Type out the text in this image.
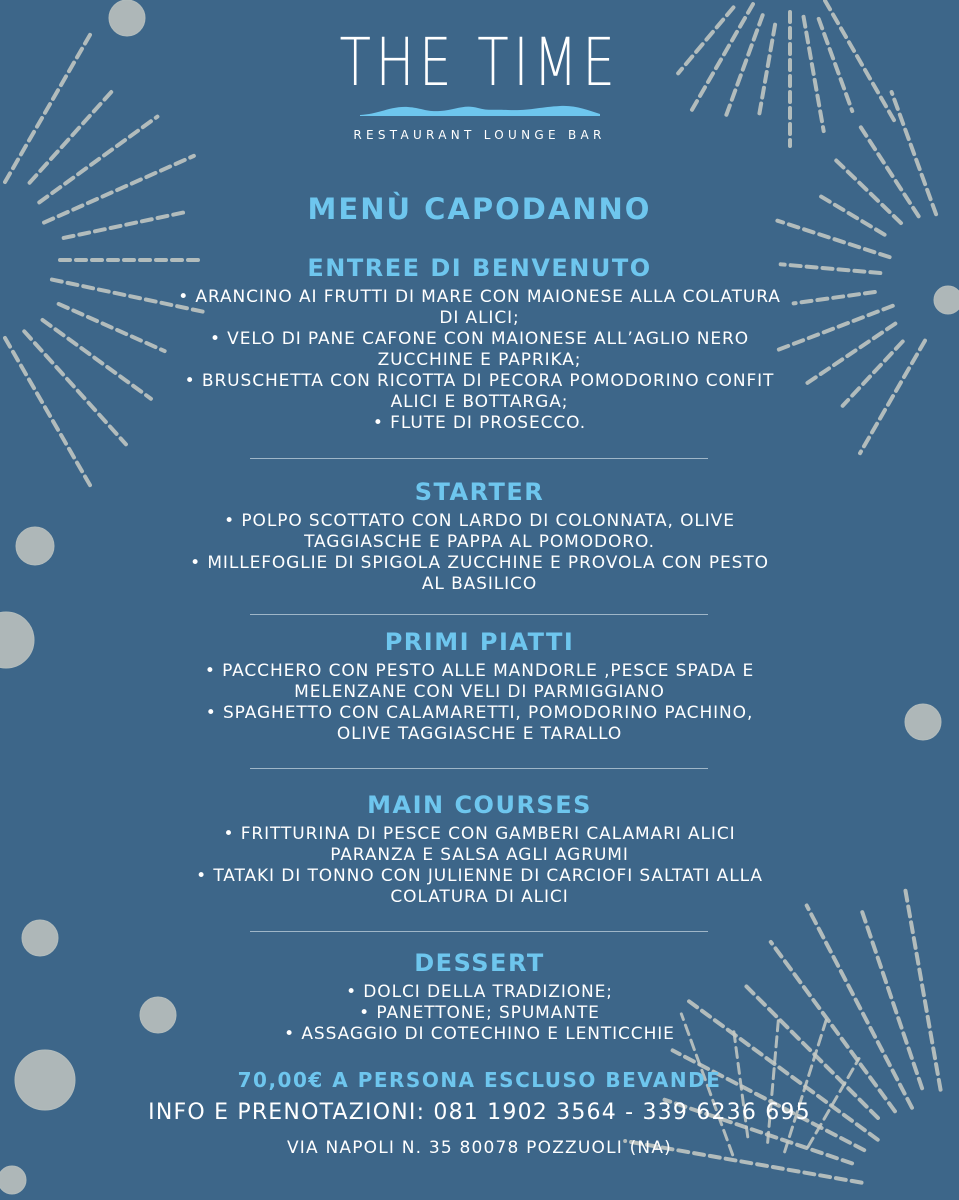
THE TIME
RESTAURANT LOUNGE BAR
MENÙ CAPODANNO
ENTREE DI BENVENUTO
• ARANCINO AI FRUTTI DI MARE CON MAIONESE ALLA COLATURA
DI ALICI;
• VELO DI PANE CAFONE CON MAIONESE ALL’AGLIO NERO
ZUCCHINE E PAPRIKA;
• BRUSCHETTA CON RICOTTA DI PECORA POMODORINO CONFIT
ALICI E BOTTARGA;
• FLUTE DI PROSECCO.
STARTER
• POLPO SCOTTATO CON LARDO DI COLONNATA, OLIVE
TAGGIASCHE E PAPPA AL POMODORO.
• MILLEFOGLIE DI SPIGOLA ZUCCHINE E PROVOLA CON PESTO
AL BASILICO
PRIMI PIATTI
• PACCHERO CON PESTO ALLE MANDORLE ,PESCE SPADA E
MELENZANE CON VELI DI PARMIGGIANO
• SPAGHETTO CON CALAMARETTI, POMODORINO PACHINO,
OLIVE TAGGIASCHE E TARALLO
MAIN COURSES
• FRITTURINA DI PESCE CON GAMBERI CALAMARI ALICI
PARANZA E SALSA AGLI AGRUMI
• TATAKI DI TONNO CON JULIENNE DI CARCIOFI SALTATI ALLA
COLATURA DI ALICI
DESSERT
• DOLCI DELLA TRADIZIONE;
• PANETTONE; SPUMANTE
• ASSAGGIO DI COTECHINO E LENTICCHIE
70,00€ A PERSONA ESCLUSO BEVANDE
INFO E PRENOTAZIONI: 081 1902 3564 - 339 6236 695
VIA NAPOLI N. 35 80078 POZZUOLI (NA)
